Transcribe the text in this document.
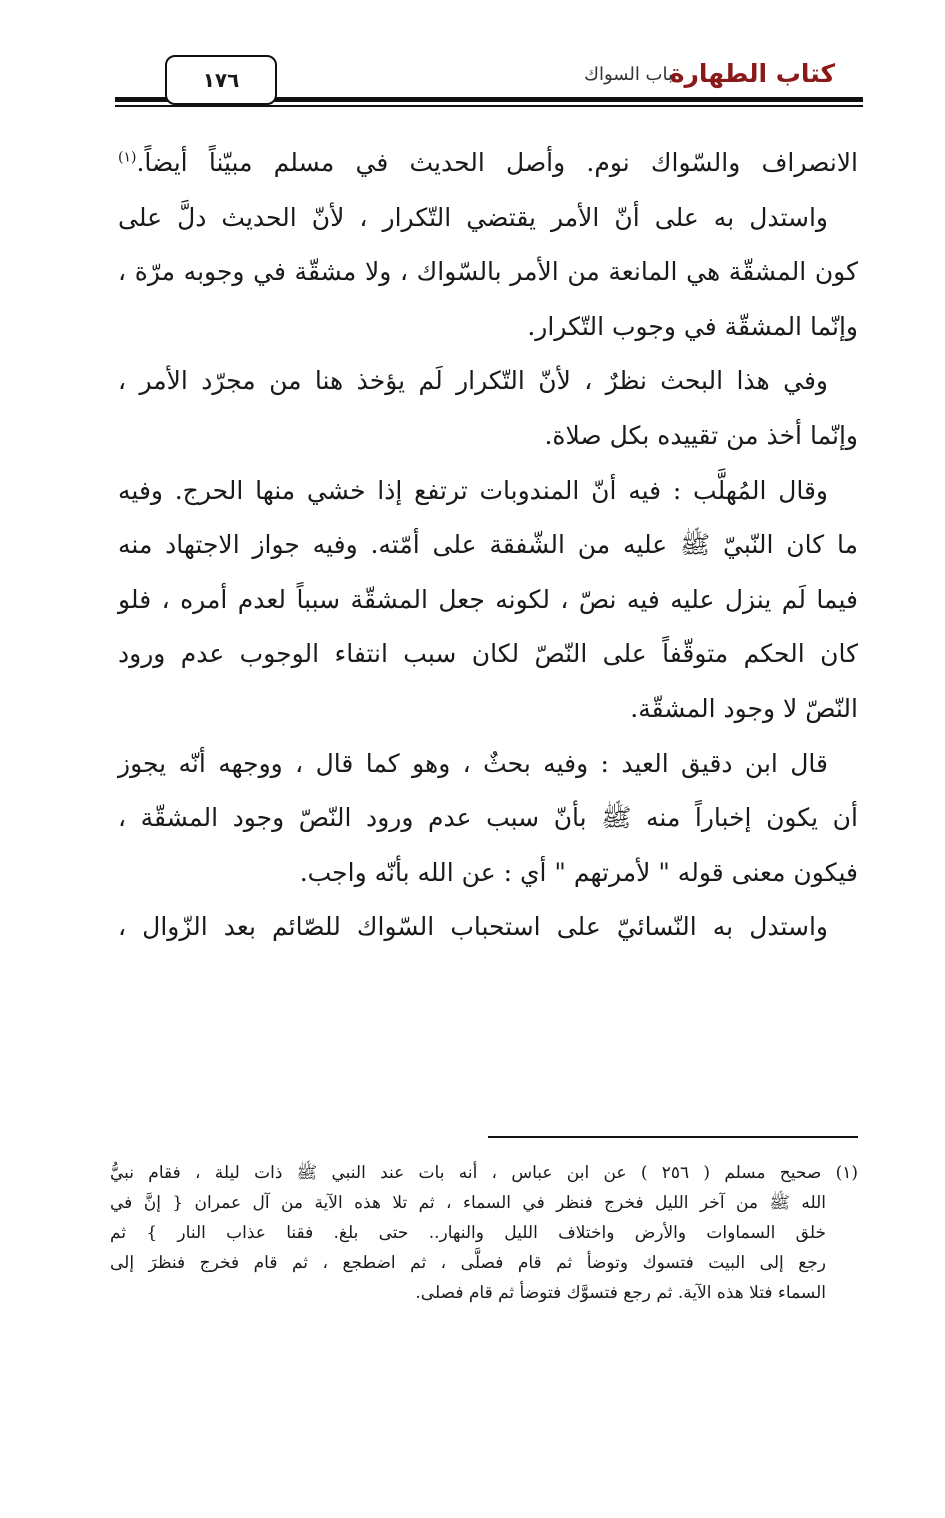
كتاب الطهارة
باب السواك
١٧٦
الانصراف والسّواك نوم. وأصل الحديث في مسلم مبيّناً أيضاً.$^{(١)}$
واستدل به على أنّ الأمر يقتضي التّكرار ، لأنّ الحديث دلَّ على
كون المشقّة هي المانعة من الأمر بالسّواك ، ولا مشقّة في وجوبه مرّة ،
وإنّما المشقّة في وجوب التّكرار.
وفي هذا البحث نظرٌ ، لأنّ التّكرار لَم يؤخذ هنا من مجرّد الأمر ،
وإنّما أخذ من تقييده بكل صلاة.
وقال المُهلَّب : فيه أنّ المندوبات ترتفع إذا خشي منها الحرج. وفيه
ما كان النّبيّ ﷺ عليه من الشّفقة على أمّته. وفيه جواز الاجتهاد منه
فيما لَم ينزل عليه فيه نصّ ، لكونه جعل المشقّة سبباً لعدم أمره ، فلو
كان الحكم متوقّفاً على النّصّ لكان سبب انتفاء الوجوب عدم ورود
النّصّ لا وجود المشقّة.
قال ابن دقيق العيد : وفيه بحثٌ ، وهو كما قال ، ووجهه أنّه يجوز
أن يكون إخباراً منه ﷺ بأنّ سبب عدم ورود النّصّ وجود المشقّة ،
فيكون معنى قوله " لأمرتهم " أي : عن الله بأنّه واجب.
واستدل به النّسائيّ على استحباب السّواك للصّائم بعد الزّوال ،
(١) صحيح مسلم ( ٢٥٦ ) عن ابن عباس ، أنه بات عند النبي ﷺ ذات ليلة ، فقام نبيُّ
الله ﷺ من آخر الليل فخرج فنظر في السماء ، ثم تلا هذه الآية من آل عمران { إنَّ في
خلق السماوات والأرض واختلاف الليل والنهار.. حتى بلغ. فقنا عذاب النار } ثم
رجع إلى البيت فتسوك وتوضأ ثم قام فصلَّى ، ثم اضطجع ، ثم قام فخرج فنظرَ إلى
السماء فتلا هذه الآية. ثم رجع فتسوَّك فتوضأ ثم قام فصلى.
